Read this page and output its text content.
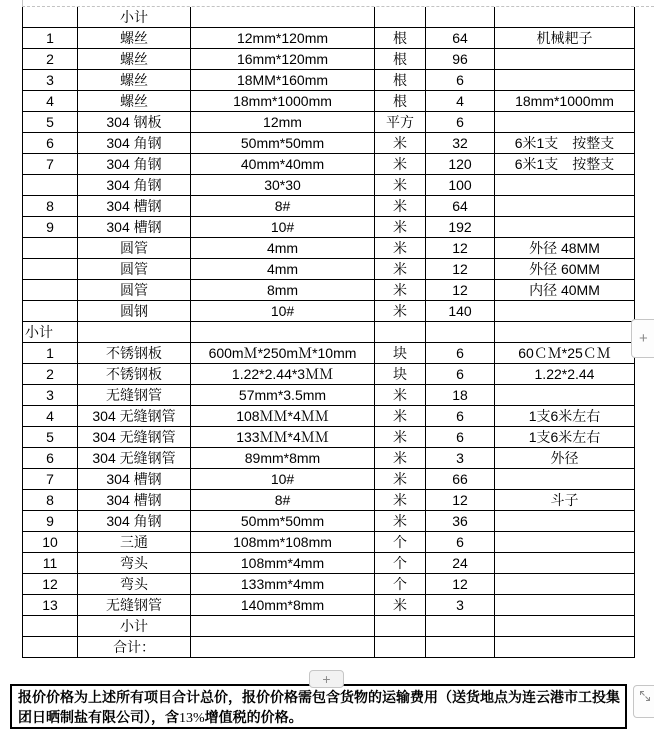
	小计				
1	螺丝	12mm*120mm	根	64	机械耙子
2	螺丝	16mm*120mm	根	96	
3	螺丝	18MM*160mm	根	6	
4	螺丝	18mm*1000mm	根	4	18mm*1000mm
5	304 钢板	12mm	平方	6	
6	304 角钢	50mm*50mm	米	32	6米1支　按整支
7	304 角钢	40mm*40mm	米	120	6米1支　按整支
	304 角钢	30*30	米	100	
8	304 槽钢	8#	米	64	
9	304 槽钢	10#	米	192	
	圆管	4mm	米	12	外径 48MM
	圆管	4mm	米	12	外径 60MM
	圆管	8mm	米	12	内径 40MM
	圆钢	10#	米	140	
小计					
1	不锈钢板	600mＭ*250mＭ*10mm	块	6	60ＣＭ*25ＣＭ
2	不锈钢板	1.22*2.44*3ＭＭ	块	6	1.22*2.44
3	无缝钢管	57mm*3.5mm	米	18	
4	304 无缝钢管	108ＭＭ*4ＭＭ	米	6	1支6米左右
5	304 无缝钢管	133ＭＭ*4ＭＭ	米	6	1支6米左右
6	304 无缝钢管	89mm*8mm	米	3	外径
7	304 槽钢	10#	米	66	
8	304 槽钢	8#	米	12	斗子
9	304 角钢	50mm*50mm	米	36	
10	三通	108mm*108mm	个	6	
11	弯头	108mm*4mm	个	24	
12	弯头	133mm*4mm	个	12	
13	无缝钢管	140mm*8mm	米	3	
	小计				
	合计：				
+
+
报价价格为上述所有项目合计总价，报价价格需包含货物的运输费用（送货地点为连云港市工投集团日晒制盐有限公司），含13%增值税的价格。
